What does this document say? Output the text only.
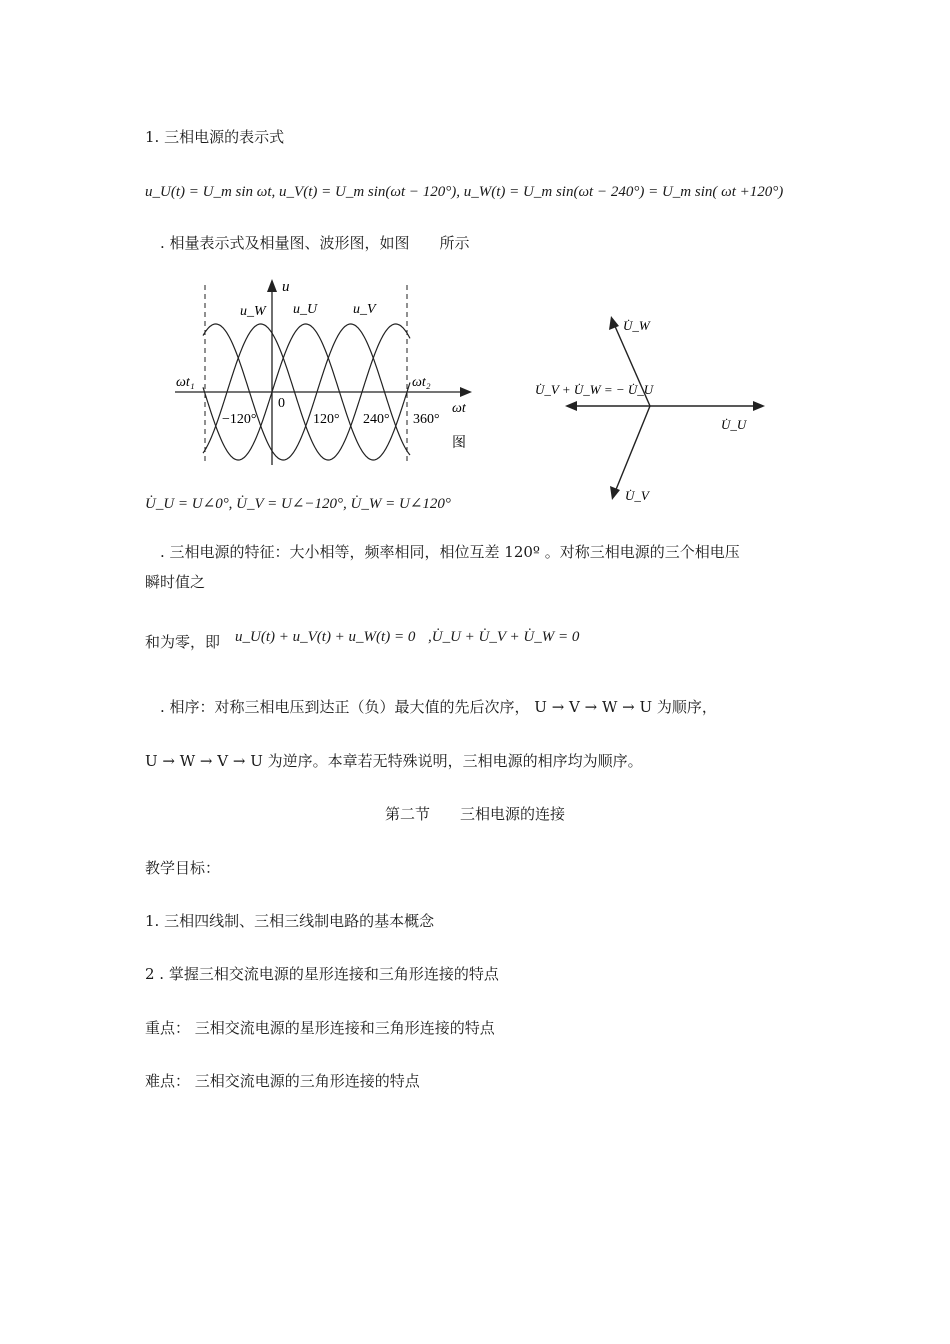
1. 三相电源的表示式
u_U(t) = U_m sin ωt, u_V(t) = U_m sin(ωt − 120°), u_W(t) = U_m sin(ωt − 240°) = U_m sin( ωt +120°)
. 相量表示式及相量图、波形图，如图　　所示
u
ωt
u_W u_U	u_V
ωt₁	ωt₂
−120°
0
120° 240° 360°
图
U̇_W
U̇_U
U̇_V
U̇_V + U̇_W = − U̇_U
U̇_U = U∠0°, U̇_V = U∠−120°, U̇_W = U∠120°
. 三相电源的特征：大小相等，频率相同，相位互差 120º 。对称三相电源的三个相电压
瞬时值之
和为零，即 u_U(t) + u_V(t) + u_W(t) = 0 ,U̇_U + U̇_V + U̇_W = 0
. 相序：对称三相电压到达正（负）最大值的先后次序， U → V → W → U 为顺序，
U → W → V → U 为逆序。本章若无特殊说明，三相电源的相序均为顺序。
第二节　　三相电源的连接
教学目标：
1. 三相四线制、三相三线制电路的基本概念
2 . 掌握三相交流电源的星形连接和三角形连接的特点
重点： 三相交流电源的星形连接和三角形连接的特点
难点： 三相交流电源的三角形连接的特点
